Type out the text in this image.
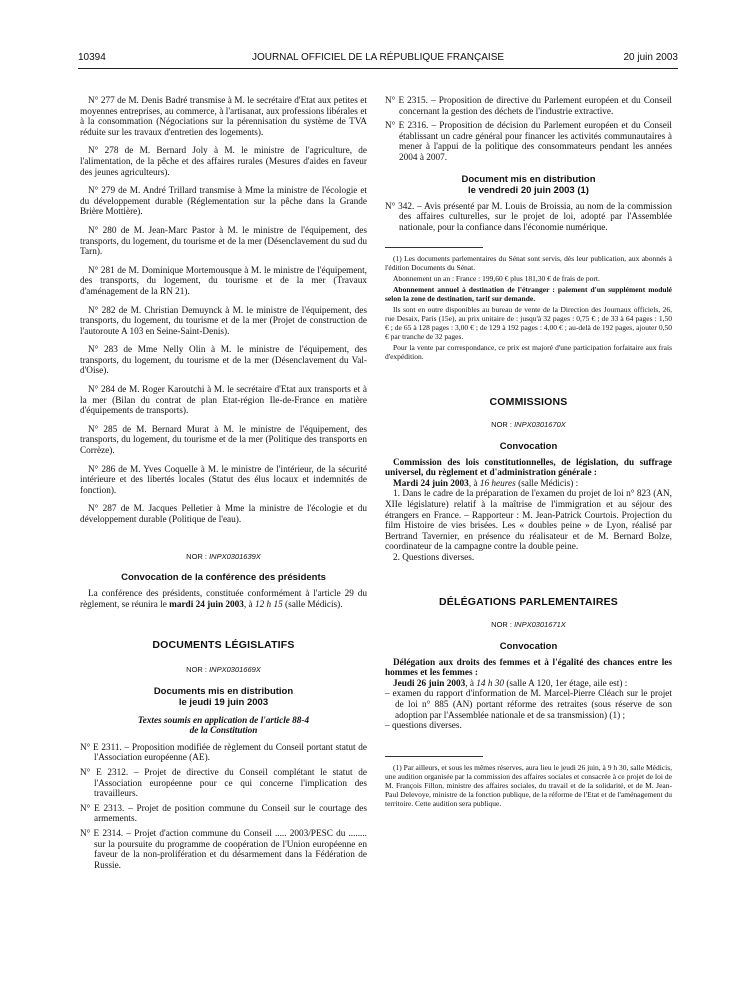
10394	JOURNAL OFFICIEL DE LA RÉPUBLIQUE FRANÇAISE	20 juin 2003

N° 277 de M. Denis Badré transmise à M. le secrétaire d'Etat aux petites et moyennes entreprises, au commerce, à l'artisanat, aux professions libérales et à la consommation (Négociations sur la pérennisation du système de TVA réduite sur les travaux d'entretien des logements).

N° 278 de M. Bernard Joly à M. le ministre de l'agriculture, de l'alimentation, de la pêche et des affaires rurales (Mesures d'aides en faveur des jeunes agriculteurs).

N° 279 de M. André Trillard transmise à Mme la ministre de l'écologie et du développement durable (Réglementation sur la pêche dans la Grande Brière Mottière).

N° 280 de M. Jean-Marc Pastor à M. le ministre de l'équipement, des transports, du logement, du tourisme et de la mer (Désenclavement du sud du Tarn).

N° 281 de M. Dominique Mortemousque à M. le ministre de l'équipement, des transports, du logement, du tourisme et de la mer (Travaux d'aménagement de la RN 21).

N° 282 de M. Christian Demuynck à M. le ministre de l'équipement, des transports, du logement, du tourisme et de la mer (Projet de construction de l'autoroute A 103 en Seine-Saint-Denis).

N° 283 de Mme Nelly Olin à M. le ministre de l'équipement, des transports, du logement, du tourisme et de la mer (Désenclavement du Val-d'Oise).

N° 284 de M. Roger Karoutchi à M. le secrétaire d'Etat aux transports et à la mer (Bilan du contrat de plan Etat-région Ile-de-France en matière d'équipements de transports).

N° 285 de M. Bernard Murat à M. le ministre de l'équipement, des transports, du logement, du tourisme et de la mer (Politique des transports en Corrèze).

N° 286 de M. Yves Coquelle à M. le ministre de l'intérieur, de la sécurité intérieure et des libertés locales (Statut des élus locaux et indemnités de fonction).

N° 287 de M. Jacques Pelletier à Mme la ministre de l'écologie et du développement durable (Politique de l'eau).

NOR : INPX0301639X

Convocation de la conférence des présidents

La conférence des présidents, constituée conformément à l'article 29 du règlement, se réunira le mardi 24 juin 2003, à 12 h 15 (salle Médicis).

DOCUMENTS LÉGISLATIFS

NOR : INPX0301669X

Documents mis en distribution

le jeudi 19 juin 2003

Textes soumis en application de l'article 88-4

de la Constitution

N° E 2311. – Proposition modifiée de règlement du Conseil portant statut de l'Association européenne (AE).

N° E 2312. – Projet de directive du Conseil complétant le statut de l'Association européenne pour ce qui concerne l'implication des travailleurs.

N° E 2313. – Projet de position commune du Conseil sur le courtage des armements.

N° E 2314. – Projet d'action commune du Conseil ..... 2003/PESC du ........ sur la poursuite du programme de coopération de l'Union européenne en faveur de la non-prolifération et du désarmement dans la Fédération de Russie.

N° E 2315. – Proposition de directive du Parlement européen et du Conseil concernant la gestion des déchets de l'industrie extractive.

N° E 2316. – Proposition de décision du Parlement européen et du Conseil établissant un cadre général pour financer les activités communautaires à mener à l'appui de la politique des consommateurs pendant les années 2004 à 2007.

Document mis en distribution

le vendredi 20 juin 2003 (1)

N° 342. – Avis présenté par M. Louis de Broissia, au nom de la commission des affaires culturelles, sur le projet de loi, adopté par l'Assemblée nationale, pour la confiance dans l'économie numérique.

(1) Les documents parlementaires du Sénat sont servis, dès leur publication, aux abonnés à l'édition Documents du Sénat.

Abonnement un an : France : 199,60 € plus 181,30 € de frais de port.

Abonnement annuel à destination de l'étranger : paiement d'un supplément modulé selon la zone de destination, tarif sur demande.

Ils sont en outre disponibles au bureau de vente de la Direction des Journaux officiels, 26, rue Desaix, Paris (15e), au prix unitaire de : jusqu'à 32 pages : 0,75 € ; de 33 à 64 pages : 1,50 € ; de 65 à 128 pages : 3,00 € ; de 129 à 192 pages : 4,00 € ; au-delà de 192 pages, ajouter 0,50 € par tranche de 32 pages.

Pour la vente par correspondance, ce prix est majoré d'une participation forfaitaire aux frais d'expédition.

COMMISSIONS

NOR : INPX0301670X

Convocation

Commission des lois constitutionnelles, de législation, du suffrage universel, du règlement et d'administration générale :

Mardi 24 juin 2003, à 16 heures (salle Médicis) :

1. Dans le cadre de la préparation de l'examen du projet de loi n° 823 (AN, XIIe législature) relatif à la maîtrise de l'immigration et au séjour des étrangers en France. – Rapporteur : M. Jean-Patrick Courtois. Projection du film Histoire de vies brisées. Les « doubles peine » de Lyon, réalisé par Bertrand Tavernier, en présence du réalisateur et de M. Bernard Bolze, coordinateur de la campagne contre la double peine.

2. Questions diverses.

DÉLÉGATIONS PARLEMENTAIRES

NOR : INPX0301671X

Convocation

Délégation aux droits des femmes et à l'égalité des chances entre les hommes et les femmes :

Jeudi 26 juin 2003, à 14 h 30 (salle A 120, 1er étage, aile est) :

– examen du rapport d'information de M. Marcel-Pierre Cléach sur le projet de loi n° 885 (AN) portant réforme des retraites (sous réserve de son adoption par l'Assemblée nationale et de sa transmission) (1) ;

– questions diverses.

(1) Par ailleurs, et sous les mêmes réserves, aura lieu le jeudi 26 juin, à 9 h 30, salle Médicis, une audition organisée par la commission des affaires sociales et consacrée à ce projet de loi de M. François Fillon, ministre des affaires sociales, du travail et de la solidarité, et de M. Jean-Paul Delevoye, ministre de la fonction publique, de la réforme de l'Etat et de l'aménagement du territoire. Cette audition sera publique.
